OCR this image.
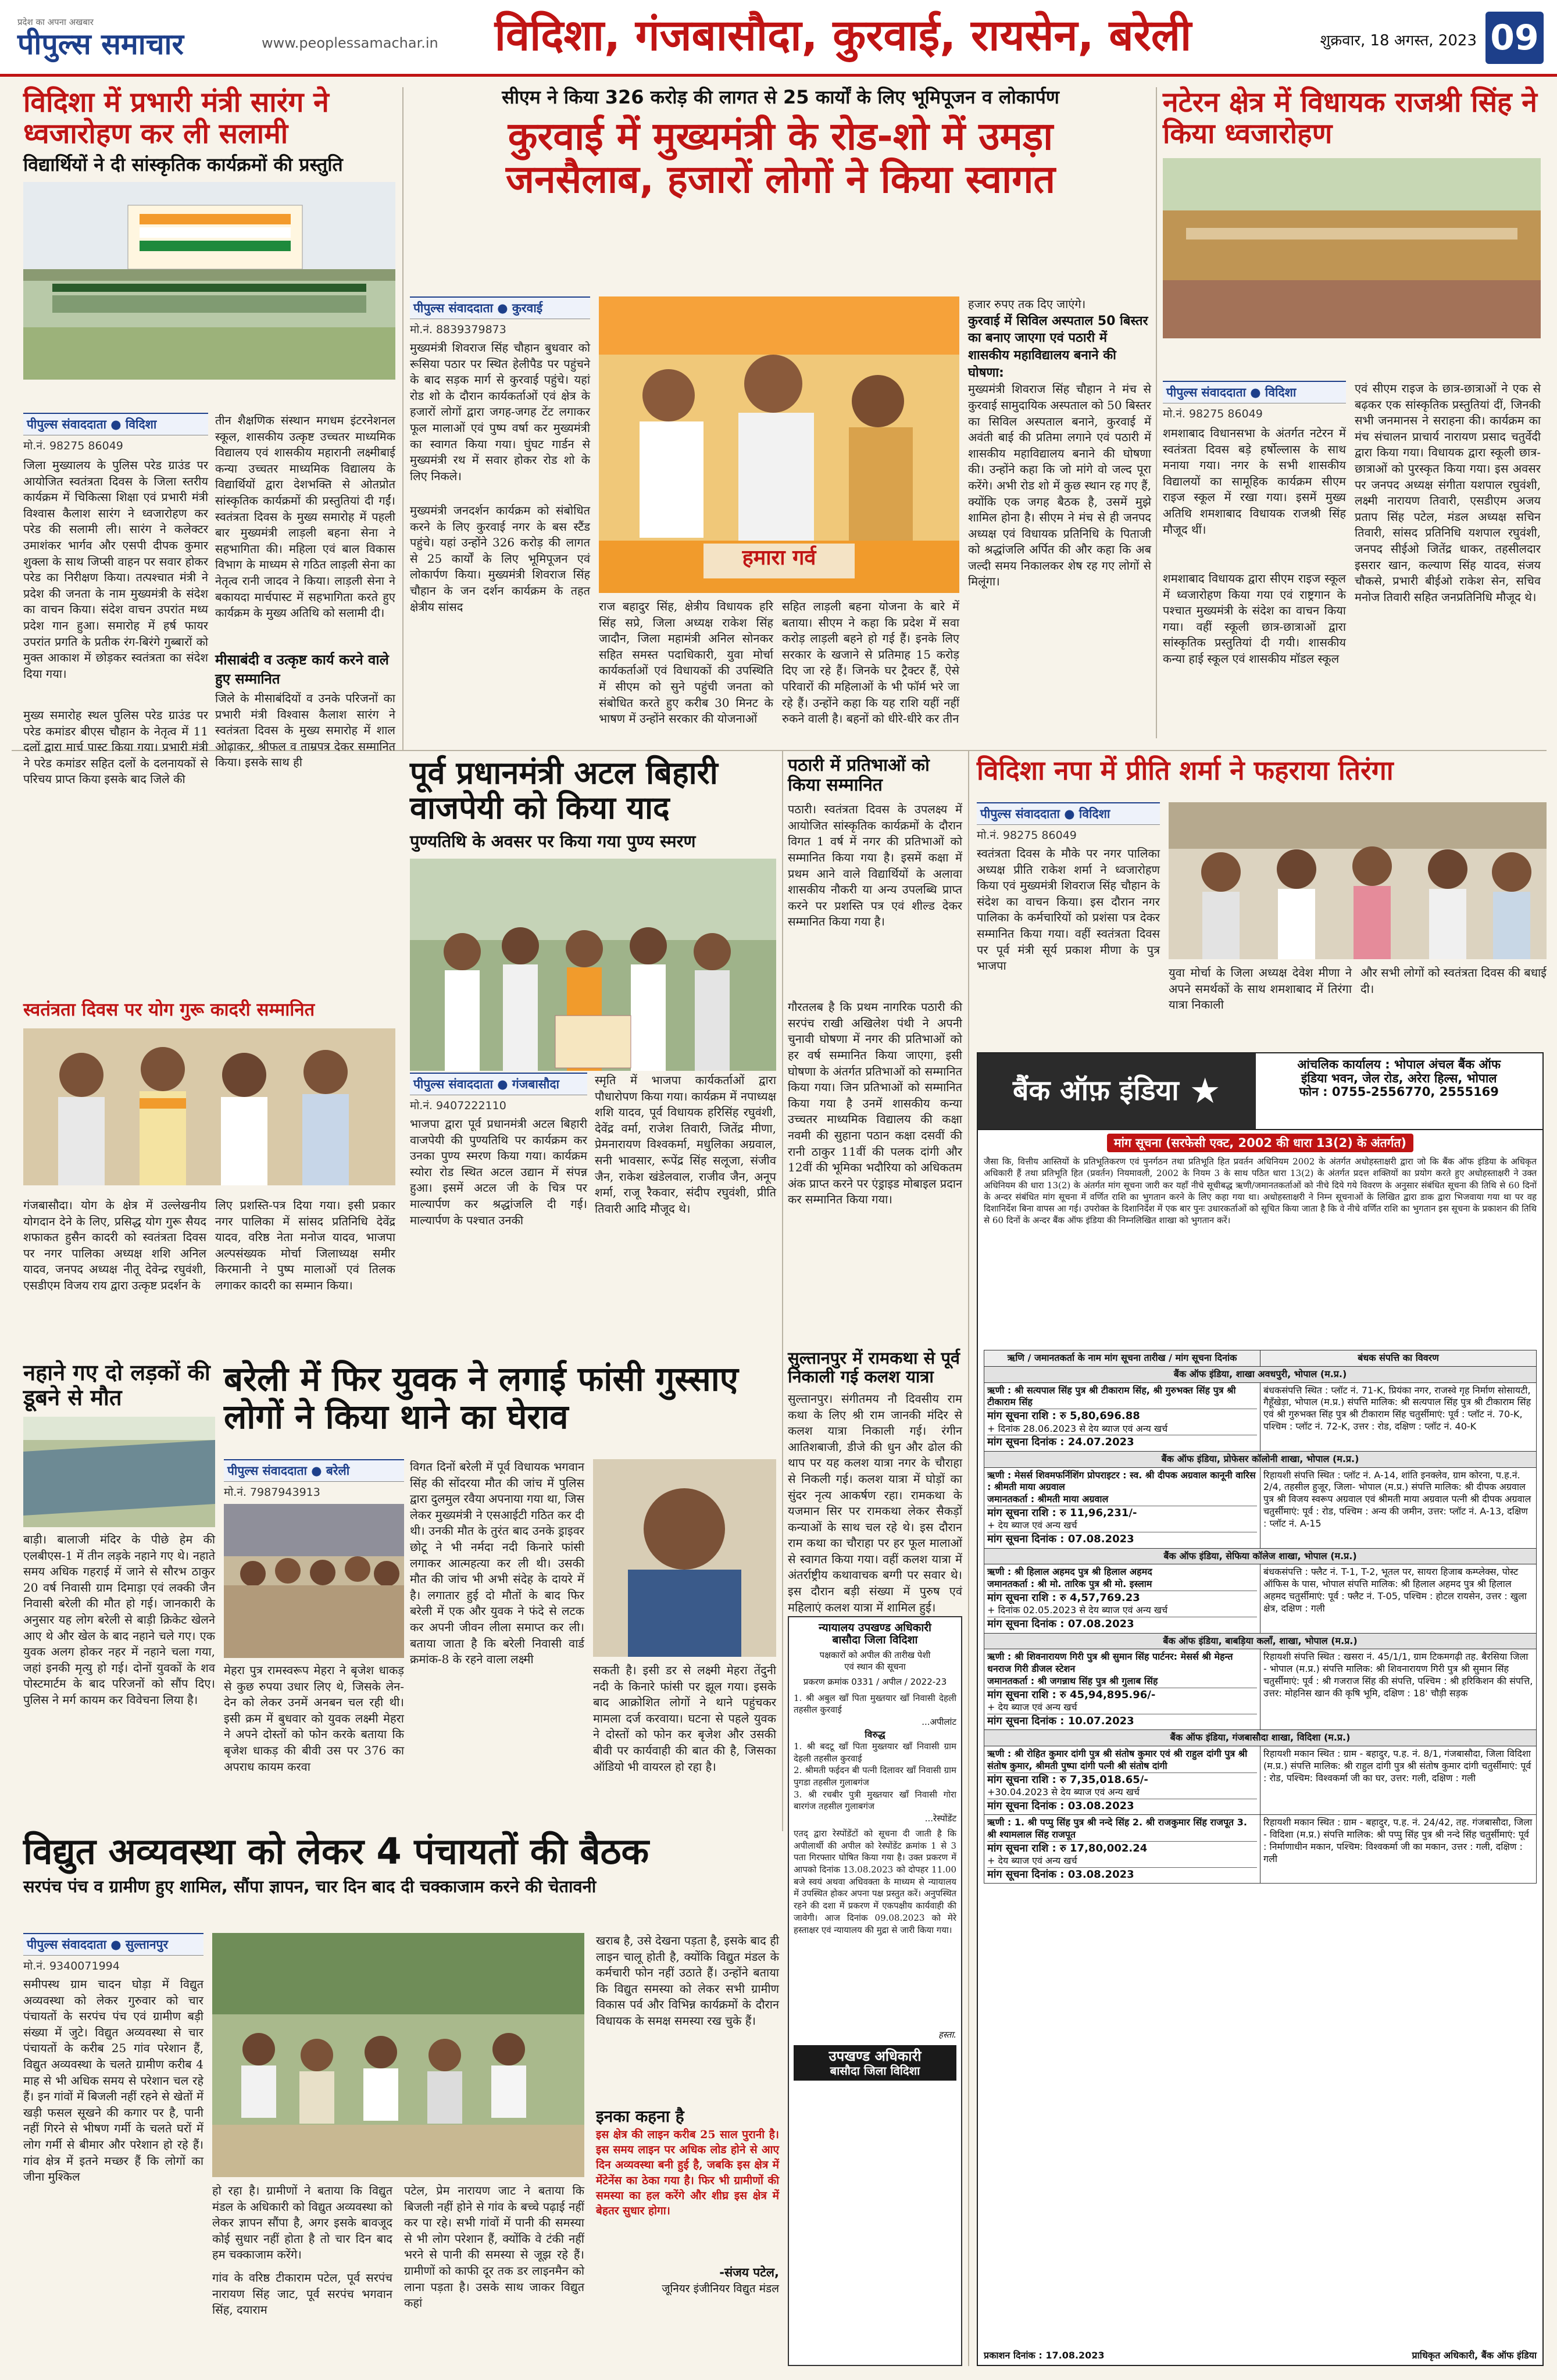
प्रदेश का अपना अखबार
पीपुल्स समाचार	www.peoplessamachar.in	विदिशा, गंजबासौदा, कुरवाई, रायसेन, बरेली	शुक्रवार, 18 अगस्त, 2023 09
विदिशा में प्रभारी मंत्री सारंग ने ध्वजारोहण कर ली सलामी
विद्यार्थियों ने दी सांस्कृतिक कार्यक्रमों की प्रस्तुति
पीपुल्स संवाददाता ● विदिशा
मो.नं. 98275 86049
जिला मुख्यालय के पुलिस परेड ग्राउंड पर आयोजित स्वतंत्रता दिवस के जिला स्तरीय कार्यक्रम में चिकित्सा शिक्षा एवं प्रभारी मंत्री विश्वास कैलाश सारंग ने ध्वजारोहण कर परेड की सलामी ली। सारंग ने कलेक्टर उमाशंकर भार्गव और एसपी दीपक कुमार शुक्ला के साथ जिप्सी वाहन पर सवार होकर परेड का निरीक्षण किया। तत्पश्चात मंत्री ने प्रदेश की जनता के नाम मुख्यमंत्री के संदेश का वाचन किया। संदेश वाचन उपरांत मध्य प्रदेश गान हुआ। समारोह में हर्ष फायर उपरांत प्रगति के प्रतीक रंग-बिरंगे गुब्बारों को मुक्त आकाश में छोड़कर स्वतंत्रता का संदेश दिया गया।
मुख्य समारोह स्थल पुलिस परेड ग्राउंड पर परेड कमांडर बीएस चौहान के नेतृत्व में 11 दलों द्वारा मार्च पास्ट किया गया। प्रभारी मंत्री ने परेड कमांडर सहित दलों के दलनायकों से परिचय प्राप्त किया इसके बाद जिले की
तीन शैक्षणिक संस्थान मगधम इंटरनेशनल स्कूल, शासकीय उत्कृष्ट उच्चतर माध्यमिक विद्यालय एवं शासकीय महारानी लक्ष्मीबाई कन्या उच्चतर माध्यमिक विद्यालय के विद्यार्थियों द्वारा देशभक्ति से ओतप्रोत सांस्कृतिक कार्यक्रमों की प्रस्तुतियां दी गईं। स्वतंत्रता दिवस के मुख्य समारोह में पहली बार मुख्यमंत्री लाड़ली बहना सेना ने सहभागिता की। महिला एवं बाल विकास विभाग के माध्यम से गठित लाड़ली सेना का नेतृत्व रानी जादव ने किया। लाड़ली सेना ने बकायदा मार्चपास्ट में सहभागिता करते हुए कार्यक्रम के मुख्य अतिथि को सलामी दी।
मीसाबंदी व उत्कृष्ट कार्य करने वाले हुए सम्मानित
जिले के मीसाबंदियों व उनके परिजनों का प्रभारी मंत्री विश्वास कैलाश सारंग ने स्वतंत्रता दिवस के मुख्य समारोह में शाल ओढ़ाकर, श्रीफल व ताम्रपत्र देकर सम्मानित किया। इसके साथ ही
सीएम ने किया 326 करोड़ की लागत से 25 कार्यों के लिए भूमिपूजन व लोकार्पण
कुरवाई में मुख्यमंत्री के रोड-शो में उमड़ा जनसैलाब, हजारों लोगों ने किया स्वागत
पीपुल्स संवाददाता ● कुरवाई
मो.नं. 8839379873
मुख्यमंत्री शिवराज सिंह चौहान बुधवार को रूसिया पठार पर स्थित हेलीपैड पर पहुंचने के बाद सड़क मार्ग से कुरवाई पहुंचे। यहां रोड शो के दौरान कार्यकर्ताओं एवं क्षेत्र के हजारों लोगों द्वारा जगह-जगह टेंट लगाकर फूल मालाओं एवं पुष्प वर्षा कर मुख्यमंत्री का स्वागत किया गया। घुंघट गार्डन से मुख्यमंत्री रथ में सवार होकर रोड शो के लिए निकले।
मुख्यमंत्री जनदर्शन कार्यक्रम को संबोधित करने के लिए कुरवाई नगर के बस स्टैंड पहुंचे। यहां उन्होंने 326 करोड़ की लागत से 25 कार्यों के लिए भूमिपूजन एवं लोकार्पण किया। मुख्यमंत्री शिवराज सिंह चौहान के जन दर्शन कार्यक्रम के तहत क्षेत्रीय सांसद
हमारा गर्व
राज बहादुर सिंह, क्षेत्रीय विधायक हरि सिंह सप्रे, जिला अध्यक्ष राकेश सिंह जादौन, जिला महामंत्री अनिल सोनकर सहित समस्त पदाधिकारी, युवा मोर्चा कार्यकर्ताओं एवं विधायकों की उपस्थिति में सीएम को सुने पहुंची जनता को संबोधित करते हुए करीब 30 मिनट के भाषण में उन्होंने सरकार की योजनाओं
सहित लाड़ली बहना योजना के बारे में बताया। सीएम ने कहा कि प्रदेश में सवा करोड़ लाड़ली बहने हो गई हैं। इनके लिए सरकार के खजाने से प्रतिमाह 15 करोड़ दिए जा रहे हैं। जिनके घर ट्रैक्टर हैं, ऐसे परिवारों की महिलाओं के भी फॉर्म भरे जा रहे हैं। उन्होंने कहा कि यह राशि यहीं नहीं रुकने वाली है। बहनों को धीरे-धीरे कर तीन
हजार रुपए तक दिए जाएंगे।
कुरवाई में सिविल अस्पताल 50 बिस्तर का बनाए जाएगा एवं पठारी में शासकीय महाविद्यालय बनाने की घोषणा:
मुख्यमंत्री शिवराज सिंह चौहान ने मंच से कुरवाई सामुदायिक अस्पताल को 50 बिस्तर का सिविल अस्पताल बनाने, कुरवाई में अवंती बाई की प्रतिमा लगाने एवं पठारी में शासकीय महाविद्यालय बनाने की घोषणा की। उन्होंने कहा कि जो मांगे वो जल्द पूरा करेंगे। अभी रोड शो में कुछ स्थान रह गए हैं, क्योंकि एक जगह बैठक है, उसमें मुझे शामिल होना है। सीएम ने मंच से ही जनपद अध्यक्ष एवं विधायक प्रतिनिधि के पिताजी को श्रद्धांजलि अर्पित की और कहा कि अब जल्दी समय निकालकर शेष रह गए लोगों से मिलूंगा।
नटेरन क्षेत्र में विधायक राजश्री सिंह ने किया ध्वजारोहण
पीपुल्स संवाददाता ● विदिशा
मो.नं. 98275 86049
शमशाबाद विधानसभा के अंतर्गत नटेरन में स्वतंत्रता दिवस बड़े हर्षोल्लास के साथ मनाया गया। नगर के सभी शासकीय विद्यालयों का सामूहिक कार्यक्रम सीएम राइज स्कूल में रखा गया। इसमें मुख्य अतिथि शमशाबाद विधायक राजश्री सिंह मौजूद थीं।
शमशाबाद विधायक द्वारा सीएम राइज स्कूल में ध्वजारोहण किया गया एवं राष्ट्रगान के पश्चात मुख्यमंत्री के संदेश का वाचन किया गया। वहीं स्कूली छात्र-छात्राओं द्वारा सांस्कृतिक प्रस्तुतियां दी गयी। शासकीय कन्या हाई स्कूल एवं शासकीय मॉडल स्कूल
एवं सीएम राइज के छात्र-छात्राओं ने एक से बढ़कर एक सांस्कृतिक प्रस्तुतियां दीं, जिनकी सभी जनमानस ने सराहना की। कार्यक्रम का मंच संचालन प्राचार्य नारायण प्रसाद चतुर्वेदी द्वारा किया गया। विधायक द्वारा स्कूली छात्र-छात्राओं को पुरस्कृत किया गया। इस अवसर पर जनपद अध्यक्ष संगीता यशपाल रघुवंशी, लक्ष्मी नारायण तिवारी, एसडीएम अजय प्रताप सिंह पटेल, मंडल अध्यक्ष सचिन तिवारी, सांसद प्रतिनिधि यशपाल रघुवंशी, जनपद सीईओ जितेंद्र धाकर, तहसीलदार इसरार खान, कल्याण सिंह यादव, संजय चौकसे, प्रभारी बीईओ राकेश सेन, सचिव मनोज तिवारी सहित जनप्रतिनिधि मौजूद थे।
स्वतंत्रता दिवस पर योग गुरू कादरी सम्मानित
गंजबासौदा। योग के क्षेत्र में उल्लेखनीय योगदान देने के लिए, प्रसिद्ध योग गुरू सैयद शफाकत हुसैन कादरी को स्वतंत्रता दिवस पर नगर पालिका अध्यक्ष शशि अनिल यादव, जनपद अध्यक्ष नीतू देवेन्द्र रघुवंशी, एसडीएम विजय राय द्वारा उत्कृष्ट प्रदर्शन के
लिए प्रशस्ति-पत्र दिया गया। इसी प्रकार नगर पालिका में सांसद प्रतिनिधि देवेंद्र यादव, वरिष्ठ नेता मनोज यादव, भाजपा अल्पसंख्यक मोर्चा जिलाध्यक्ष समीर किरमानी ने पुष्प मालाओं एवं तिलक लगाकर कादरी का सम्मान किया।
पूर्व प्रधानमंत्री अटल बिहारी वाजपेयी को किया याद
पुण्यतिथि के अवसर पर किया गया पुण्य स्मरण
पीपुल्स संवाददाता ● गंजबासौदा
मो.नं. 9407222110
भाजपा द्वारा पूर्व प्रधानमंत्री अटल बिहारी वाजपेयी की पुण्यतिथि पर कार्यक्रम कर उनका पुण्य स्मरण किया गया। कार्यक्रम स्योरा रोड स्थित अटल उद्यान में संपन्न हुआ। इसमें अटल जी के चित्र पर माल्यार्पण कर श्रद्धांजलि दी गई। माल्यार्पण के पश्चात उनकी
स्मृति में भाजपा कार्यकर्ताओं द्वारा पौधारोपण किया गया। कार्यक्रम में नपाध्यक्ष शशि यादव, पूर्व विधायक हरिसिंह रघुवंशी, देवेंद्र वर्मा, राजेश तिवारी, जितेंद्र मीणा, प्रेमनारायण विश्वकर्मा, मधुलिका अग्रवाल, सनी भावसार, रूपेंद्र सिंह सलूजा, संजीव जैन, राकेश खंडेलवाल, राजीव जैन, अनूप शर्मा, राजू रैकवार, संदीप रघुवंशी, प्रीति तिवारी आदि मौजूद थे।
पठारी में प्रतिभाओं को किया सम्मानित
पठारी। स्वतंत्रता दिवस के उपलक्ष्य में आयोजित सांस्कृतिक कार्यक्रमों के दौरान विगत 1 वर्ष में नगर की प्रतिभाओं को सम्मानित किया गया है। इसमें कक्षा में प्रथम आने वाले विद्यार्थियों के अलावा शासकीय नौकरी या अन्य उपलब्धि प्राप्त करने पर प्रशस्ति पत्र एवं शील्ड देकर सम्मानित किया गया है।
गौरतलब है कि प्रथम नागरिक पठारी की सरपंच राखी अखिलेश पंथी ने अपनी चुनावी घोषणा में नगर की प्रतिभाओं को हर वर्ष सम्मानित किया जाएगा, इसी घोषणा के अंतर्गत प्रतिभाओं को सम्मानित किया गया। जिन प्रतिभाओं को सम्मानित किया गया है उनमें शासकीय कन्या उच्चतर माध्यमिक विद्यालय की कक्षा नवमी की सुहाना पठान कक्षा दसवीं की रानी ठाकुर 11वीं की पलक दांगी और 12वीं की भूमिका भदौरिया को अधिकतम अंक प्राप्त करने पर एंड्राइड मोबाइल प्रदान कर सम्मानित किया गया।
विदिशा नपा में प्रीति शर्मा ने फहराया तिरंगा
पीपुल्स संवाददाता ● विदिशा
मो.नं. 98275 86049
स्वतंत्रता दिवस के मौके पर नगर पालिका अध्यक्ष प्रीति राकेश शर्मा ने ध्वजारोहण किया एवं मुख्यमंत्री शिवराज सिंह चौहान के संदेश का वाचन किया। इस दौरान नगर पालिका के कर्मचारियों को प्रशंसा पत्र देकर सम्मानित किया गया। वहीं स्वतंत्रता दिवस पर पूर्व मंत्री सूर्य प्रकाश मीणा के पुत्र भाजपा	युवा मोर्चा के जिला अध्यक्ष देवेश मीणा ने अपने समर्थकों के साथ शमशाबाद में तिरंगा यात्रा निकाली
और सभी लोगों को स्वतंत्रता दिवस की बधाई दी।
नहाने गए दो लड़कों की डूबने से मौत
बाड़ी। बालाजी मंदिर के पीछे हेम की एलबीएस-1 में तीन लड़के नहाने गए थे। नहाते समय अधिक गहराई में जाने से सौरभ ठाकुर 20 वर्ष निवासी ग्राम दिमाड़ा एवं लक्की जैन निवासी बरेली की मौत हो गई। जानकारी के अनुसार यह लोग बरेली से बाड़ी क्रिकेट खेलने आए थे और खेल के बाद नहाने चले गए। एक युवक अलग होकर नहर में नहाने चला गया, जहां इनकी मृत्यु हो गई। दोनों युवकों के शव पोस्टमार्टम के बाद परिजनों को सौंप दिए। पुलिस ने मर्ग कायम कर विवेचना लिया है।
बरेली में फिर युवक ने लगाई फांसी गुस्साए लोगों ने किया थाने का घेराव
पीपुल्स संवाददाता ● बरेली
मो.नं. 7987943913
विगत दिनों बरेली में पूर्व विधायक भगवान सिंह की सोंदरया मौत की जांच में पुलिस द्वारा दुलमुल रवैया अपनाया गया था, जिस लेकर मुख्यमंत्री ने एसआईटी गठित कर दी थी। उनकी मौत के तुरंत बाद उनके ड्राइवर छोटू ने भी नर्मदा नदी किनारे फांसी लगाकर आत्महत्या कर ली थी। उसकी मौत की जांच भी अभी संदेह के दायरे में है। लगातार हुई दो मौतों के बाद फिर बरेली में एक और युवक ने फंदे से लटक कर अपनी जीवन लीला समाप्त कर ली। बताया जाता है कि बरेली निवासी वार्ड क्रमांक-8 के रहने वाला लक्ष्मी
मेहरा पुत्र रामस्वरूप मेहरा ने बृजेश धाकड़ से कुछ रुपया उधार लिए थे, जिसके लेन-देन को लेकर उनमें अनबन चल रही थी। इसी क्रम में बुधवार को युवक लक्ष्मी मेहरा ने अपने दोस्तों को फोन करके बताया कि बृजेश धाकड़ की बीवी उस पर 376 का अपराध कायम करवा
सकती है। इसी डर से लक्ष्मी मेहरा तेंदुनी नदी के किनारे फांसी पर झूल गया। इसके बाद आक्रोशित लोगों ने थाने पहुंचकर मामला दर्ज करवाया। घटना से पहले युवक ने दोस्तों को फोन कर बृजेश और उसकी बीवी पर कार्यवाही की बात की है, जिसका ऑडियो भी वायरल हो रहा है।
सुल्तानपुर में रामकथा से पूर्व निकाली गई कलश यात्रा
सुल्तानपुर। संगीतमय नौ दिवसीय राम कथा के लिए श्री राम जानकी मंदिर से कलश यात्रा निकाली गई। रंगीन आतिशबाजी, डीजे की धुन और ढोल की थाप पर यह कलश यात्रा नगर के चौराहा से निकली गई। कलश यात्रा में घोड़ों का सुंदर नृत्य आकर्षण रहा। रामकथा के यजमान सिर पर रामकथा लेकर सैकड़ों कन्याओं के साथ चल रहे थे। इस दौरान राम कथा का चौराहा पर हर फूल मालाओं से स्वागत किया गया। वहीं कलश यात्रा में अंतर्राष्ट्रीय कथावाचक बग्गी पर सवार थे। इस दौरान बड़ी संख्या में पुरुष एवं महिलाएं कलश यात्रा में शामिल हुई।
न्यायालय उपखण्ड अधिकारी
बासौदा जिला विदिशा
पक्षकारों को अपील की तारीख पेशी
एवं स्थान की सूचना
प्रकरण क्रमांक 0331 / अपील / 2022-23
1. श्री अबुल खाँ पिता मुख्तयार खाँ निवासी देहली तहसील कुरवाई
...अपीलांट
विरुद्ध
1. श्री बदटू खाँ पिता मुख्तयार खाँ निवासी ग्राम देहली तहसील कुरवाई
2. श्रीमती फईदन बी पत्नी दिलावर खाँ निवासी ग्राम पुगडा तहसील गुलाबगंज
3. श्री रचबीर पुत्री मुख्तयार खाँ निवासी गोरा बारगंज तहसील गुलाबगंज
...रेस्पोंडेंट
एतद् द्वारा रेस्पोंडेंटों को सूचना दी जाती है कि अपीलार्थी की अपील को रेस्पोंडेंट क्रमांक 1 से 3 पता गिरफ्तार घोषित किया गया है। उक्त प्रकरण में आपको दिनांक 13.08.2023 को दोपहर 11.00 बजे स्वयं अथवा अधिवक्ता के माध्यम से न्यायालय में उपस्थित होकर अपना पक्ष प्रस्तुत करें। अनुपस्थित रहने की दशा में प्रकरण में एकपक्षीय कार्यवाही की जावेगी। आज दिनांक 09.08.2023 को मेरे हस्ताक्षर एवं न्यायालय की मुद्रा से जारी किया गया।
हस्ता.
उपखण्ड अधिकारी
बासौदा जिला विदिशा
विद्युत अव्यवस्था को लेकर 4 पंचायतों की बैठक
सरपंच पंच व ग्रामीण हुए शामिल, सौंपा ज्ञापन, चार दिन बाद दी चक्काजाम करने की चेतावनी
पीपुल्स संवाददाता ● सुल्तानपुर
मो.नं. 9340071994
समीपस्थ ग्राम चादन घोड़ा में विद्युत अव्यवस्था को लेकर गुरुवार को चार पंचायतों के सरपंच पंच एवं ग्रामीण बड़ी संख्या में जुटे। विद्युत अव्यवस्था से चार पंचायतों के करीब 25 गांव परेशान हैं, विद्युत अव्यवस्था के चलते ग्रामीण करीब 4 माह से भी अधिक समय से परेशान चल रहे हैं। इन गांवों में बिजली नहीं रहने से खेतों में खड़ी फसल सूखने की कगार पर है, पानी नहीं गिरने से भीषण गर्मी के चलते घरों में लोग गर्मी से बीमार और परेशान हो रहे हैं। गांव क्षेत्र में इतने मच्छर हैं कि लोगों का जीना मुश्किल
हो रहा है। ग्रामीणों ने बताया कि विद्युत मंडल के अधिकारी को विद्युत अव्यवस्था को लेकर ज्ञापन सौंपा है, अगर इसके बावजूद कोई सुधार नहीं होता है तो चार दिन बाद हम चक्काजाम करेंगे।
गांव के वरिष्ठ टीकाराम पटेल, पूर्व सरपंच नारायण सिंह जाट, पूर्व सरपंच भगवान सिंह, दयाराम
पटेल, प्रेम नारायण जाट ने बताया कि बिजली नहीं होने से गांव के बच्चे पढ़ाई नहीं कर पा रहे। सभी गांवों में पानी की समस्या से भी लोग परेशान हैं, क्योंकि वे टंकी नहीं भरने से पानी की समस्या से जूझ रहे हैं। ग्रामीणों को काफी दूर तक डर लाइनमैन को लाना पड़ता है। उसके साथ जाकर विद्युत कहां
खराब है, उसे देखना पड़ता है, इसके बाद ही लाइन चालू होती है, क्योंकि विद्युत मंडल के कर्मचारी फोन नहीं उठाते हैं। उन्होंने बताया कि विद्युत समस्या को लेकर सभी ग्रामीण विकास पर्व और विभिन्न कार्यक्रमों के दौरान विधायक के समक्ष समस्या रख चुके हैं।
इनका कहना है
इस क्षेत्र की लाइन करीब 25 साल पुरानी है। इस समय लाइन पर अधिक लोड होने से आए दिन अव्यवस्था बनी हुई है, जबकि इस क्षेत्र में मेंटेनेंस का ठेका गया है। फिर भी ग्रामीणों की समस्या का हल करेंगे और शीघ्र इस क्षेत्र में बेहतर सुधार होगा।
-संजय पटेल,
जूनियर इंजीनियर विद्युत मंडल
बैंक ऑफ़ इंडिया ★
आंचलिक कार्यालय : भोपाल अंचल बैंक ऑफ
इंडिया भवन, जेल रोड, अरेरा हिल्स, भोपाल
फोन : 0755-2556770, 2555169
मांग सूचना (सरफेसी एक्ट, 2002 की धारा 13(2) के अंतर्गत)
जैसा कि, वित्तीय आस्तियों के प्रतिभूतिकरण एवं पुनर्गठन तथा प्रतिभूति हित प्रवर्तन अधिनियम 2002 के अंतर्गत अधोहस्ताक्षरी द्वारा जो कि बैंक ऑफ इंडिया के अधिकृत अधिकारी हैं तथा प्रतिभूति हित (प्रवर्तन) नियमावली, 2002 के नियम 3 के साथ पठित धारा 13(2) के अंतर्गत प्रदत्त शक्तियों का प्रयोग करते हुए अधोहस्ताक्षरी ने उक्त अधिनियम की धारा 13(2) के अंतर्गत मांग सूचना जारी कर यहाँ नीचे सूचीबद्ध ऋणी/जमानतकर्ताओं को नीचे दिये गये विवरण के अनुसार संबंधित सूचना की तिथि से 60 दिनों के अन्दर संबंधित मांग सूचना में वर्णित राशि का भुगतान करने के लिए कहा गया था। अधोहस्ताक्षरी ने निम्न सूचनाओं के लिखित द्वारा डाक द्वारा भिजवाया गया था पर वह दिशानिर्देश बिना वापस आ गई। उपरोक्त के दिशानिर्देश में एक बार पुनः उधारकर्ताओं को सूचित किया जाता है कि वे नीचे वर्णित राशि का भुगतान इस सूचना के प्रकाशन की तिथि से 60 दिनों के अन्दर बैंक ऑफ इंडिया की निम्नलिखित शाखा को भुगतान करें।
ऋणि / जमानतकर्ता के नाम मांग सूचना तारीख / मांग सूचना दिनांक	बंधक संपत्ति का विवरण
बैंक ऑफ इंडिया, शाखा अवधपुरी, भोपाल (म.प्र.)

ऋणी : श्री सत्यपाल सिंह पुत्र श्री टीकाराम सिंह, श्री गुरुभक्त सिंह पुत्र श्री टीकाराम सिंह
मांग सूचना राशि : रु 5,80,696.88
+ दिनांक 28.06.2023 से देय ब्याज एवं अन्य खर्च
मांग सूचना दिनांक : 24.07.2023
	बंधकसंपत्ति स्थित : प्लॉट नं. 71-K, प्रियंका नगर, राजस्वे गृह निर्माण सोसायटी, गैहूँखेड़ा, भोपाल (म.प्र.) संपत्ति मालिक: श्री सत्यपाल सिंह पुत्र श्री टीकाराम सिंह एवं श्री गुरुभक्त सिंह पुत्र श्री टीकाराम सिंह चतुर्सीमाएं: पूर्व : प्लॉट नं. 70-K, पश्चिम : प्लॉट नं. 72-K, उत्तर : रोड, दक्षिण : प्लॉट नं. 40-K
बैंक ऑफ इंडिया, प्रोफेसर कॉलोनी शाखा, भोपाल (म.प्र.)

ऋणी : मेसर्स शिवमफर्निशिंग प्रोपराइटर : स्व. श्री दीपक अग्रवाल कानूनी वारिस : श्रीमती माया अग्रवाल
जमानतकर्ता : श्रीमती माया अग्रवाल
मांग सूचना राशि : रु 11,96,231/-
+ देय ब्याज एवं अन्य खर्च
मांग सूचना दिनांक : 07.08.2023
	रिहायशी संपत्ति स्थित : प्लॉट नं. A-14, शांति इनक्लेव, ग्राम कोरना, प.ह.नं. 2/4, तहसील हुजूर, जिला- भोपाल (म.प्र.) संपत्ति मालिक: श्री दीपक अग्रवाल पुत्र श्री विजय स्वरूप अग्रवाल एवं श्रीमती माया अग्रवाल पत्नी श्री दीपक अग्रवाल चतुर्सीमाएं: पूर्व : रोड, पश्चिम : अन्य की जमीन, उत्तर: प्लॉट नं. A-13, दक्षिण : प्लॉट नं. A-15
बैंक ऑफ इंडिया, सेफिया कॉलेज शाखा, भोपाल (म.प्र.)

ऋणी : श्री हिलाल अहमद पुत्र श्री हिलाल अहमद
जमानतकर्ता : श्री मो. तारिक पुत्र श्री मो. इस्लाम
मांग सूचना राशि : रु 4,57,769.23
+ दिनांक 02.05.2023 से देय ब्याज एवं अन्य खर्च
मांग सूचना दिनांक : 07.08.2023
	बंधकसंपत्ति : फ्लैट नं. T-1, T-2, भूतल पर, सायरा हिजाब कम्प्लेक्स, पोस्ट ऑफिस के पास, भोपाल संपत्ति मालिक: श्री हिलाल अहमद पुत्र श्री हिलाल अहमद चतुर्सीमाएं: पूर्व : फ्लैट नं. T-05, पश्चिम : होटल रायसेन, उत्तर : खुला क्षेत्र, दक्षिण : गली
बैंक ऑफ इंडिया, बाबड़िया कलाँ, शाखा, भोपाल (म.प्र.)

ऋणी : श्री शिवनारायण गिरी पुत्र श्री सुमान सिंह पार्टनर: मेसर्स श्री मेहन्त धनराज गिरी डीजल स्टेशन
जमानतकर्ता : श्री जगन्नाथ सिंह पुत्र श्री गुलाब सिंह
मांग सूचना राशि : रु 45,94,895.96/-
+ देय ब्याज एवं अन्य खर्च
मांग सूचना दिनांक : 10.07.2023
	रिहायशी संपत्ति स्थित : खसरा नं. 45/1/1, ग्राम टिकमगढ़ी तह. बैरसिया जिला - भोपाल (म.प्र.) संपत्ति मालिक: श्री शिवनारायण गिरी पुत्र श्री सुमान सिंह चतुर्सीमाएं: पूर्व : श्री गजराज सिंह की संपत्ति, पश्चिम : श्री हरिकिशन की संपत्ति, उत्तर: मोहनिस खान की कृषि भूमि, दक्षिण : 18' चौड़ी सड़क
बैंक ऑफ इंडिया, गंजबासौदा शाखा, विदिशा (म.प्र.)

ऋणी : श्री रोहित कुमार दांगी पुत्र श्री संतोष कुमार एवं श्री राहुल दांगी पुत्र श्री संतोष कुमार, श्रीमती पुष्पा दांगी पत्नी श्री संतोष दांगी
मांग सूचना राशि : रु 7,35,018.65/-
+30.04.2023 से देय ब्याज एवं अन्य खर्च
मांग सूचना दिनांक : 03.08.2023
	रिहायशी मकान स्थित : ग्राम - बहादुर, प.ह. नं. 8/1, गंजबासौदा, जिला विदिशा (म.प्र.) संपत्ति मालिक: श्री राहुल दांगी पुत्र श्री संतोष कुमार दांगी चतुर्सीमाएं: पूर्व : रोड, पश्चिम: विश्वकर्मा जी का घर, उत्तर: गली, दक्षिण : गली
ऋणी : 1. श्री पप्पु सिंह पुत्र श्री नन्दे सिंह 2. श्री राजकुमार सिंह राजपूत 3. श्री श्यामलाल सिंह राजपूत
मांग सूचना राशि : रु 17,80,002.24
+ देय ब्याज एवं अन्य खर्च
मांग सूचना दिनांक : 03.08.2023
	रिहायशी मकान स्थित : ग्राम - बहादुर, प.ह. नं. 24/42, तह. गंजबासौदा, जिला - विदिशा (म.प्र.) संपत्ति मालिक: श्री पप्पु सिंह पुत्र श्री नन्दे सिंह चतुर्सीमाएं: पूर्व : निर्माणाधीन मकान, पश्चिम: विश्वकर्मा जी का मकान, उत्तर : गली, दक्षिण : गली
प्रकाशन दिनांक : 17.08.2023	प्राधिकृत अधिकारी, बैंक ऑफ इंडिया
